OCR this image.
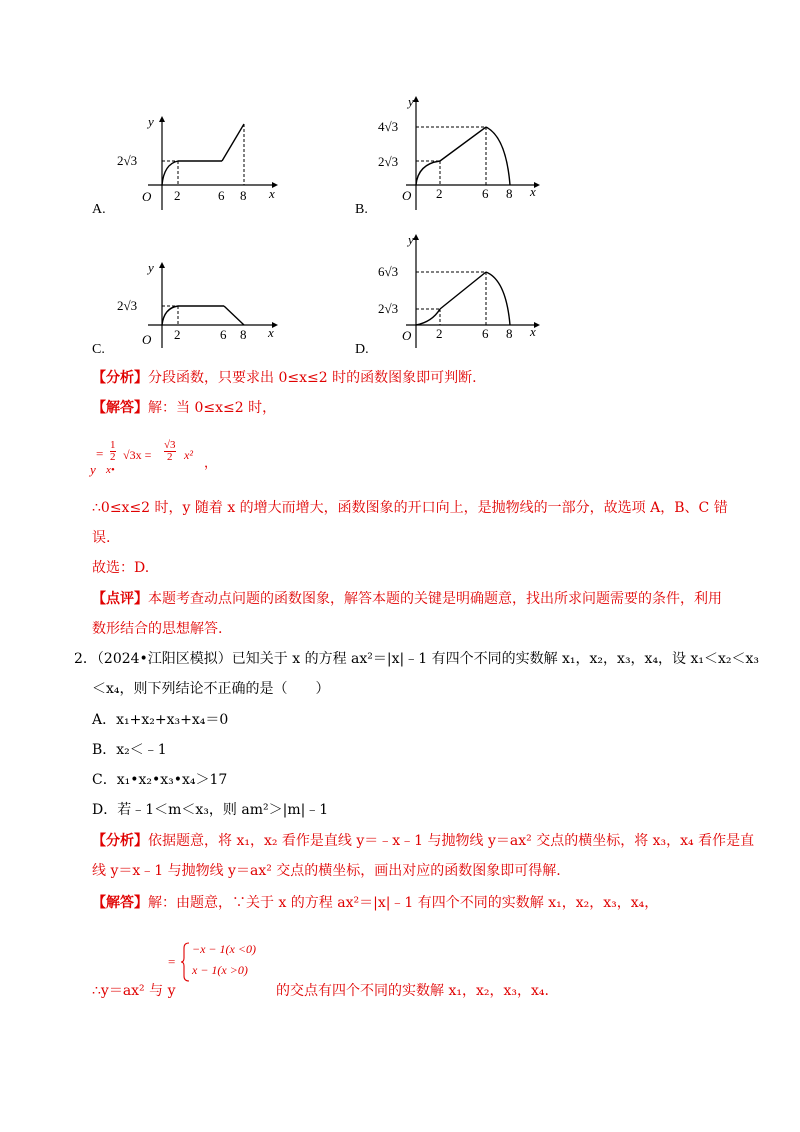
y
x
O
2√3
2	6 8
A.
y
x
O
4√3
2√3
2	6 8
B.
y
x
O
2√3
2	6 8
C.
y
x
O
6√3
2√3
2	6 8
D.
【分析】分段函数，只要求出 0≤x≤2 时的函数图象即可判断.
【解答】解：当 0≤x≤2 时，
y
= $\frac{1}{2}$
x•
$√3x = \frac{√3}{2} x^2$ ，
∴0≤x≤2 时，y 随着 x 的增大而增大，函数图象的开口向上，是抛物线的一部分，故选项 A，B、C 错
误.
故选：D.
【点评】本题考查动点问题的函数图象，解答本题的关键是明确题意，找出所求问题需要的条件，利用
数形结合的思想解答.
2．（2024•江阳区模拟）已知关于 x 的方程 ax²＝|x|﹣1 有四个不同的实数解 x₁，x₂，x₃，x₄，设 x₁＜x₂＜x₃
＜x₄，则下列结论不正确的是（　　）
A．x₁+x₂+x₃+x₄＝0
B．x₂＜﹣1
C．x₁•x₂•x₃•x₄＞17
D．若﹣1＜m＜x₃，则 am²＞|m|﹣1
【分析】依据题意，将 x₁，x₂ 看作是直线 y＝﹣x﹣1 与抛物线 y＝ax² 交点的横坐标，将 x₃，x₄ 看作是直
线 y＝x﹣1 与抛物线 y＝ax² 交点的横坐标，画出对应的函数图象即可得解.
【解答】解：由题意，∵关于 x 的方程 ax²＝|x|﹣1 有四个不同的实数解 x₁，x₂，x₃，x₄，
∴y＝ax² 与 y
=
−x − 1(x <0)
x − 1(x >0)
的交点有四个不同的实数解 x₁，x₂，x₃，x₄.
